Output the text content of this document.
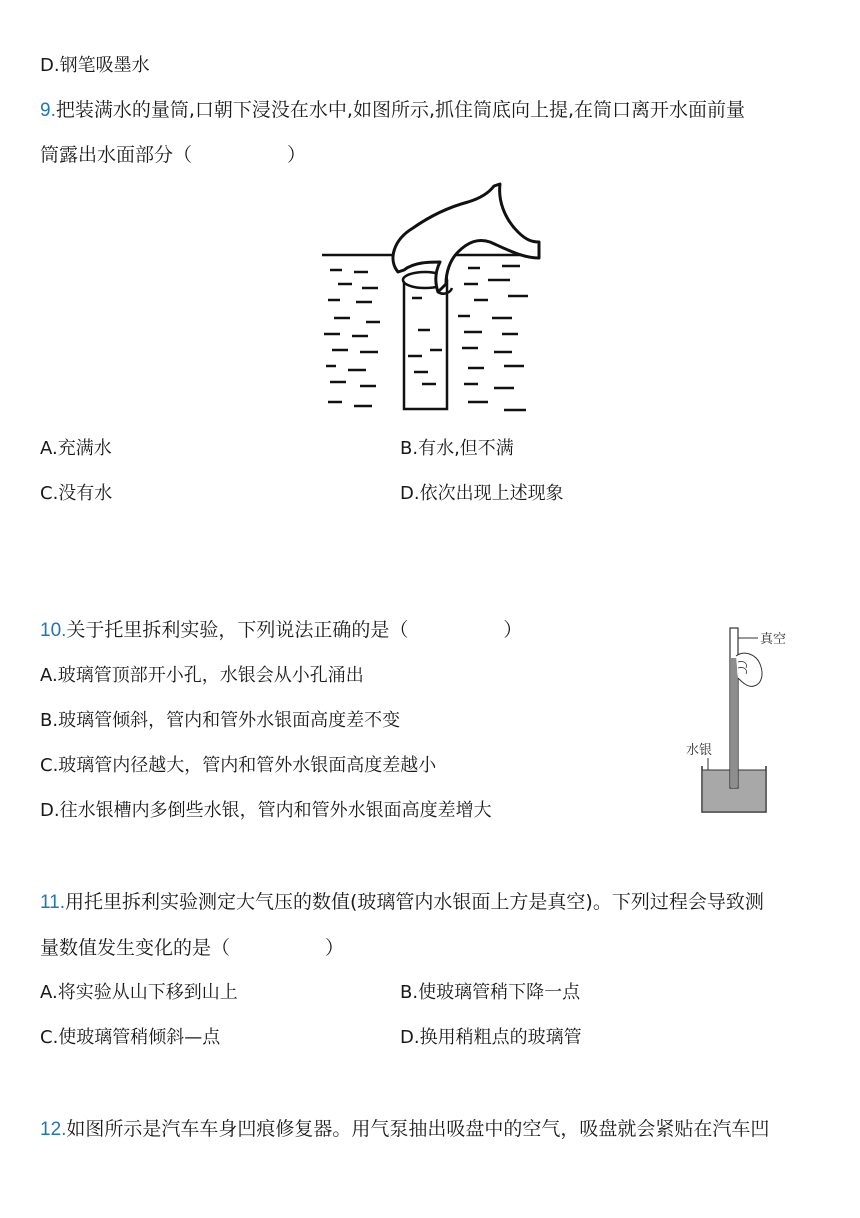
D.钢笔吸墨水
9.把装满水的量筒,口朝下浸没在水中,如图所示,抓住筒底向上提,在筒口离开水面前量
筒露出水面部分（　　　　　）
A.充满水	B.有水,但不满
C.没有水	D.依次出现上述现象
10.关于托里拆利实验，下列说法正确的是（　　　　　）
A.玻璃管顶部开小孔，水银会从小孔涌出
B.玻璃管倾斜，管内和管外水银面高度差不变
C.玻璃管内径越大，管内和管外水银面高度差越小
D.往水银槽内多倒些水银，管内和管外水银面高度差增大
真空
水银
11.用托里拆利实验测定大气压的数值(玻璃管内水银面上方是真空)。下列过程会导致测
量数值发生变化的是（　　　　　）
A.将实验从山下移到山上	B.使玻璃管稍下降一点
C.使玻璃管稍倾斜—点	D.换用稍粗点的玻璃管
12.如图所示是汽车车身凹痕修复器。用气泵抽出吸盘中的空气，吸盘就会紧贴在汽车凹
